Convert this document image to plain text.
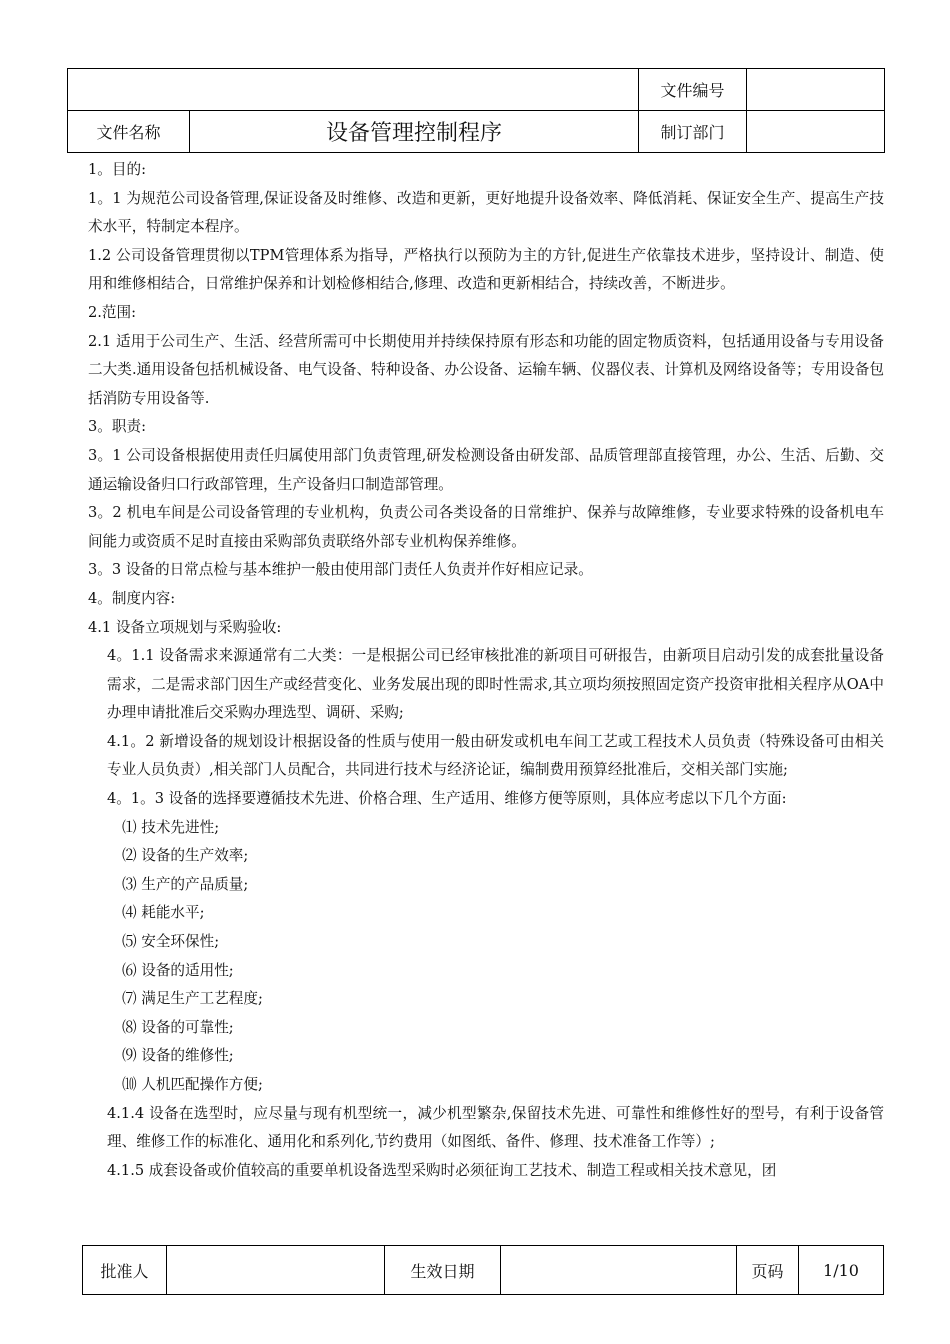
		文件编号	
文件名称	设备管理控制程序	制订部门	

1。目的:

1。1 为规范公司设备管理,保证设备及时维修、改造和更新，更好地提升设备效率、降低消耗、保证安全生产、提高生产技术水平，特制定本程序。

1.2 公司设备管理贯彻以TPM管理体系为指导，严格执行以预防为主的方针,促进生产依靠技术进步，坚持设计、制造、使用和维修相结合，日常维护保养和计划检修相结合,修理、改造和更新相结合，持续改善，不断进步。

2.范围:

2.1 适用于公司生产、生活、经营所需可中长期使用并持续保持原有形态和功能的固定物质资料，包括通用设备与专用设备二大类.通用设备包括机械设备、电气设备、特种设备、办公设备、运输车辆、仪器仪表、计算机及网络设备等；专用设备包括消防专用设备等.

3。职责:

3。1 公司设备根据使用责任归属使用部门负责管理,研发检测设备由研发部、品质管理部直接管理，办公、生活、后勤、交通运输设备归口行政部管理，生产设备归口制造部管理。

3。2 机电车间是公司设备管理的专业机构，负责公司各类设备的日常维护、保养与故障维修，专业要求特殊的设备机电车间能力或资质不足时直接由采购部负责联络外部专业机构保养维修。

3。3 设备的日常点检与基本维护一般由使用部门责任人负责并作好相应记录。

4。制度内容:

4.1 设备立项规划与采购验收:

4。1.1 设备需求来源通常有二大类：一是根据公司已经审核批准的新项目可研报告，由新项目启动引发的成套批量设备需求，二是需求部门因生产或经营变化、业务发展出现的即时性需求,其立项均须按照固定资产投资审批相关程序从OA中办理申请批准后交采购办理选型、调研、采购;

4.1。2 新增设备的规划设计根据设备的性质与使用一般由研发或机电车间工艺或工程技术人员负责（特殊设备可由相关专业人员负责）,相关部门人员配合，共同进行技术与经济论证，编制费用预算经批准后，交相关部门实施;

4。1。3 设备的选择要遵循技术先进、价格合理、生产适用、维修方便等原则，具体应考虑以下几个方面:

⑴ 技术先进性;

⑵ 设备的生产效率;

⑶ 生产的产品质量;

⑷ 耗能水平;

⑸ 安全环保性;

⑹ 设备的适用性;

⑺ 满足生产工艺程度;

⑻ 设备的可靠性;

⑼ 设备的维修性;

⑽ 人机匹配操作方便;

4.1.4 设备在选型时，应尽量与现有机型统一，减少机型繁杂,保留技术先进、可靠性和维修性好的型号，有利于设备管理、维修工作的标准化、通用化和系列化,节约费用（如图纸、备件、修理、技术准备工作等）;

4.1.5 成套设备或价值较高的重要单机设备选型采购时必须征询工艺技术、制造工程或相关技术意见，团

批准人		生效日期		页码	1/10
